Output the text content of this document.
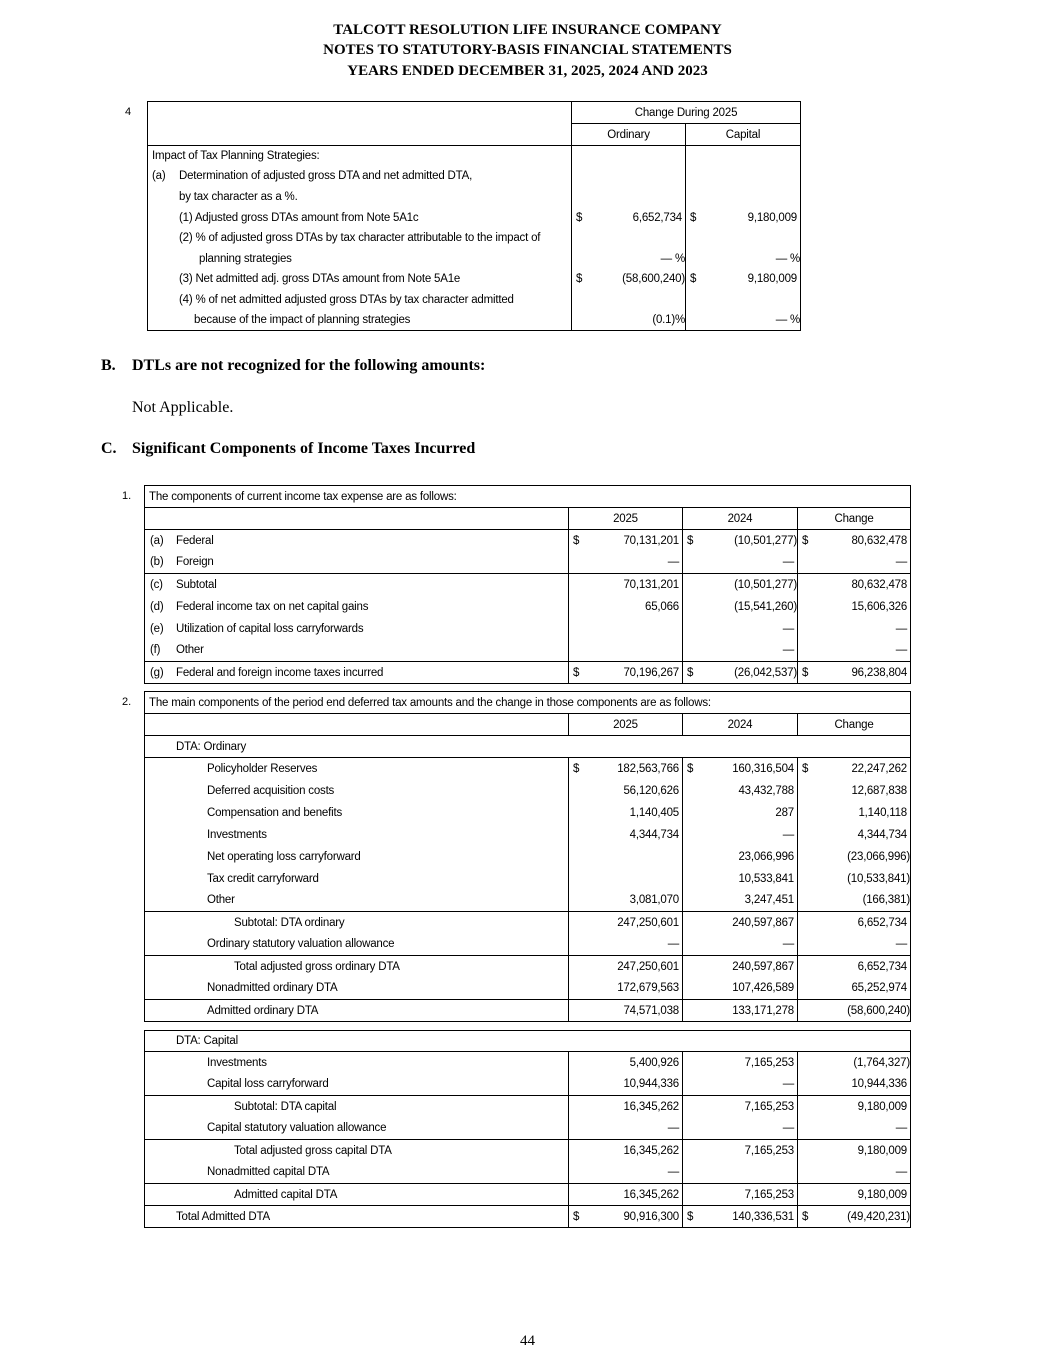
TALCOTT RESOLUTION LIFE INSURANCE COMPANY
NOTES TO STATUTORY-BASIS FINANCIAL STATEMENTS
YEARS ENDED DECEMBER 31, 2025, 2024 AND 2023
4
		Change During 2025	
	Ordinary	Capital
Impact of Tax Planning Strategies:		
(a) Determination of adjusted gross DTA and net admitted DTA,		
by tax character as a %.		
(1) Adjusted gross DTAs amount from Note 5A1c	$ 6,652,734	$ 9,180,009
(2) % of adjusted gross DTAs by tax character attributable to the impact of		
planning strategies	— %	— %
(3) Net admitted adj. gross DTAs amount from Note 5A1e	$ (58,600,240)	$ 9,180,009
(4) % of net admitted adjusted gross DTAs by tax character admitted		
because of the impact of planning strategies	(0.1)%	— %
B. DTLs are not recognized for the following amounts:
Not Applicable.
C. Significant Components of Income Taxes Incurred
1. The components of current income tax expense are as follows:			
	2025	2024	Change
(a) Federal	$ 70,131,201	$ (10,501,277)	$ 80,632,478
(b) Foreign	—	—	—
(c) Subtotal	70,131,201	(10,501,277)	80,632,478
(d) Federal income tax on net capital gains	65,066	(15,541,260)	15,606,326
(e) Utilization of capital loss carryforwards		—	—
(f) Other		—	—
(g) Federal and foreign income taxes incurred	$ 70,196,267	$ (26,042,537)	$ 96,238,804
2. The main components of the period end deferred tax amounts and the change in those components are as follows:			
	2025	2024	Change
DTA: Ordinary			
Policyholder Reserves	$ 182,563,766	$ 160,316,504	$ 22,247,262
Deferred acquisition costs	56,120,626	43,432,788	12,687,838
Compensation and benefits	1,140,405	287	1,140,118
Investments	4,344,734	—	4,344,734
Net operating loss carryforward		23,066,996	(23,066,996)
Tax credit carryforward		10,533,841	(10,533,841)
Other	3,081,070	3,247,451	(166,381)
Subtotal: DTA ordinary	247,250,601	240,597,867	6,652,734
Ordinary statutory valuation allowance	—	—	—
Total adjusted gross ordinary DTA	247,250,601	240,597,867	6,652,734
Nonadmitted ordinary DTA	172,679,563	107,426,589	65,252,974
Admitted ordinary DTA	74,571,038	133,171,278	(58,600,240)
DTA: Capital			
Investments	5,400,926	7,165,253	(1,764,327)
Capital loss carryforward	10,944,336	—	10,944,336
Subtotal: DTA capital	16,345,262	7,165,253	9,180,009
Capital statutory valuation allowance	—	—	—
Total adjusted gross capital DTA	16,345,262	7,165,253	9,180,009
Nonadmitted capital DTA	—		—
Admitted capital DTA	16,345,262	7,165,253	9,180,009
Total Admitted DTA	$ 90,916,300	$ 140,336,531	$ (49,420,231)
44
